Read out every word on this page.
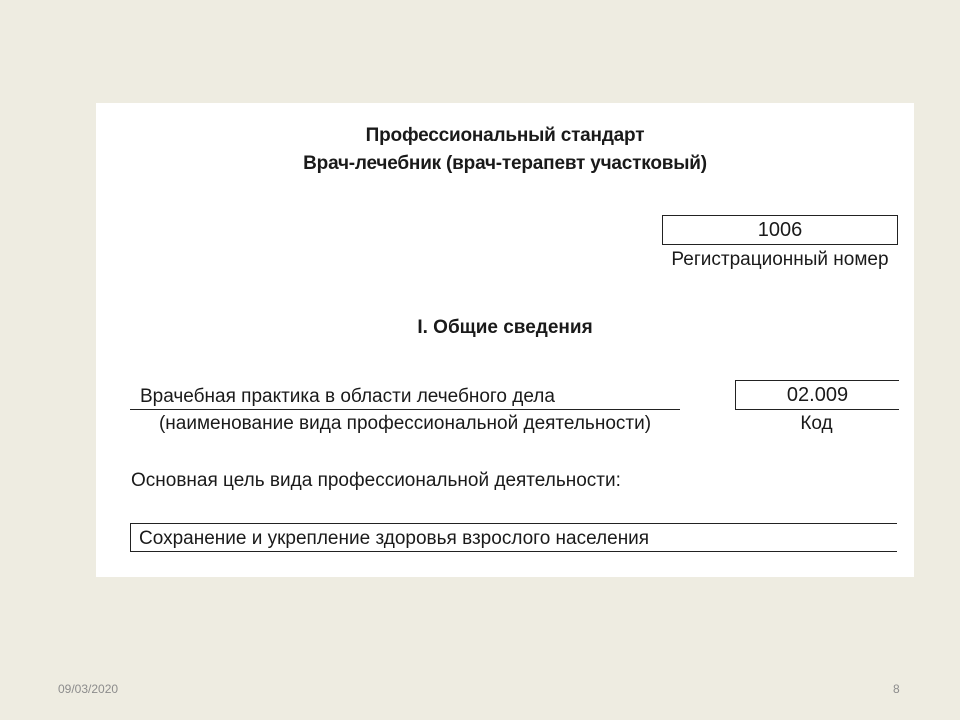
Профессиональный стандарт
Врач-лечебник (врач-терапевт участковый)
1006
Регистрационный номер
I. Общие сведения
Врачебная практика в области лечебного дела
(наименование вида профессиональной деятельности)
02.009
Код
Основная цель вида профессиональной деятельности:
Сохранение и укрепление здоровья взрослого населения
09/03/2020	8
